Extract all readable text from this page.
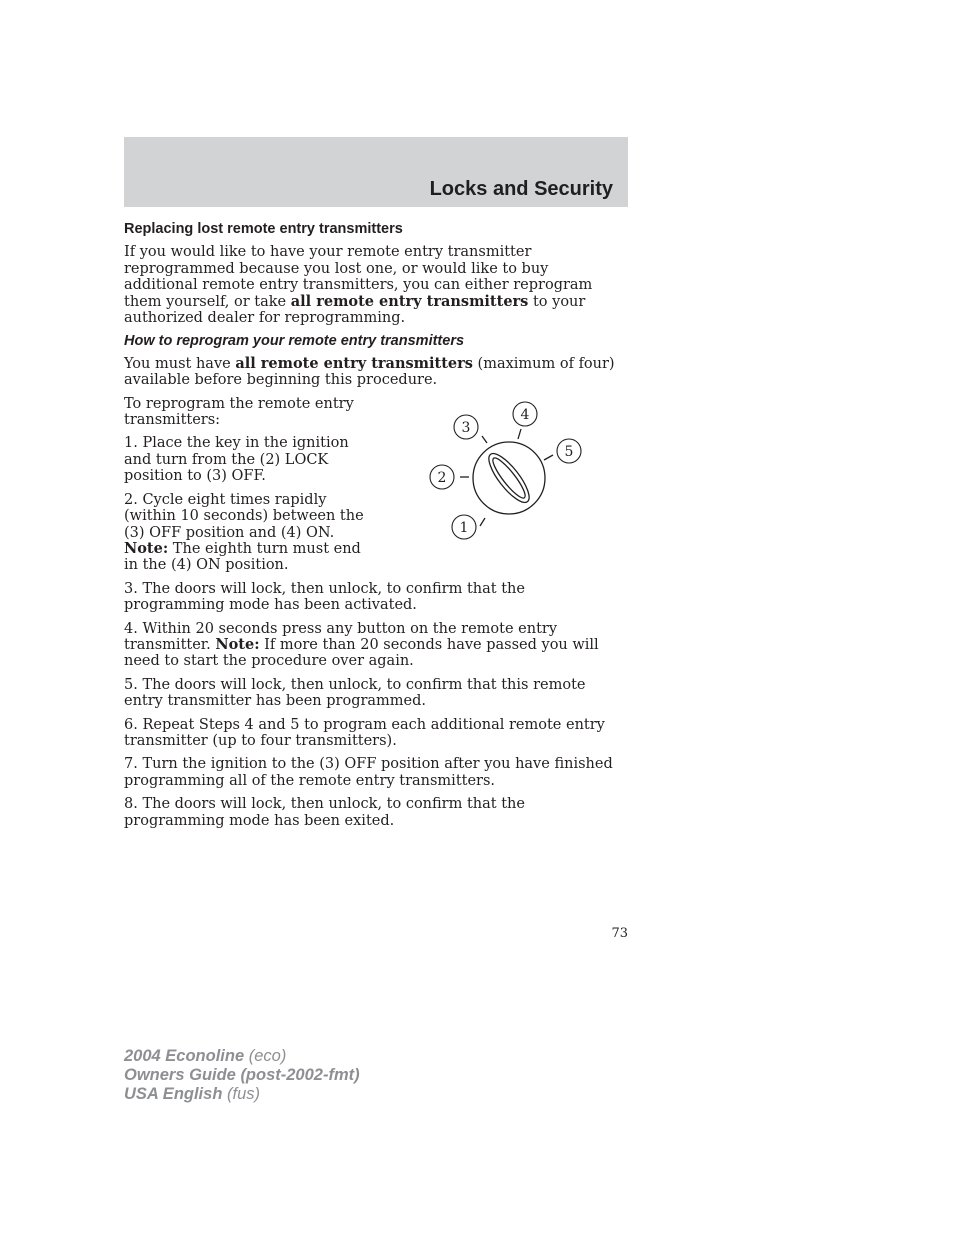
Locks and Security
Replacing lost remote entry transmitters

If you would like to have your remote entry transmitter reprogrammed because you lost one, or would like to buy additional remote entry transmitters, you can either reprogram them yourself, or take all remote entry transmitters to your authorized dealer for reprogramming.

How to reprogram your remote entry transmitters

You must have all remote entry transmitters (maximum of four) available before beginning this procedure.

To reprogram the remote entry transmitters:

1. Place the key in the ignition and turn from the (2) LOCK position to (3) OFF.

2. Cycle eight times rapidly (within 10 seconds) between the (3) OFF position and (4) ON. Note: The eighth turn must end in the (4) ON position.

3. The doors will lock, then unlock, to confirm that the programming mode has been activated.

4. Within 20 seconds press any button on the remote entry transmitter. Note: If more than 20 seconds have passed you will need to start the procedure over again.

5. The doors will lock, then unlock, to confirm that this remote entry transmitter has been programmed.

6. Repeat Steps 4 and 5 to program each additional remote entry transmitter (up to four transmitters).

7. Turn the ignition to the (3) OFF position after you have finished programming all of the remote entry transmitters.

8. The doors will lock, then unlock, to confirm that the programming mode has been exited.

1
2
3
4
5
73
2004 Econoline (eco)
Owners Guide (post-2002-fmt)
USA English (fus)
